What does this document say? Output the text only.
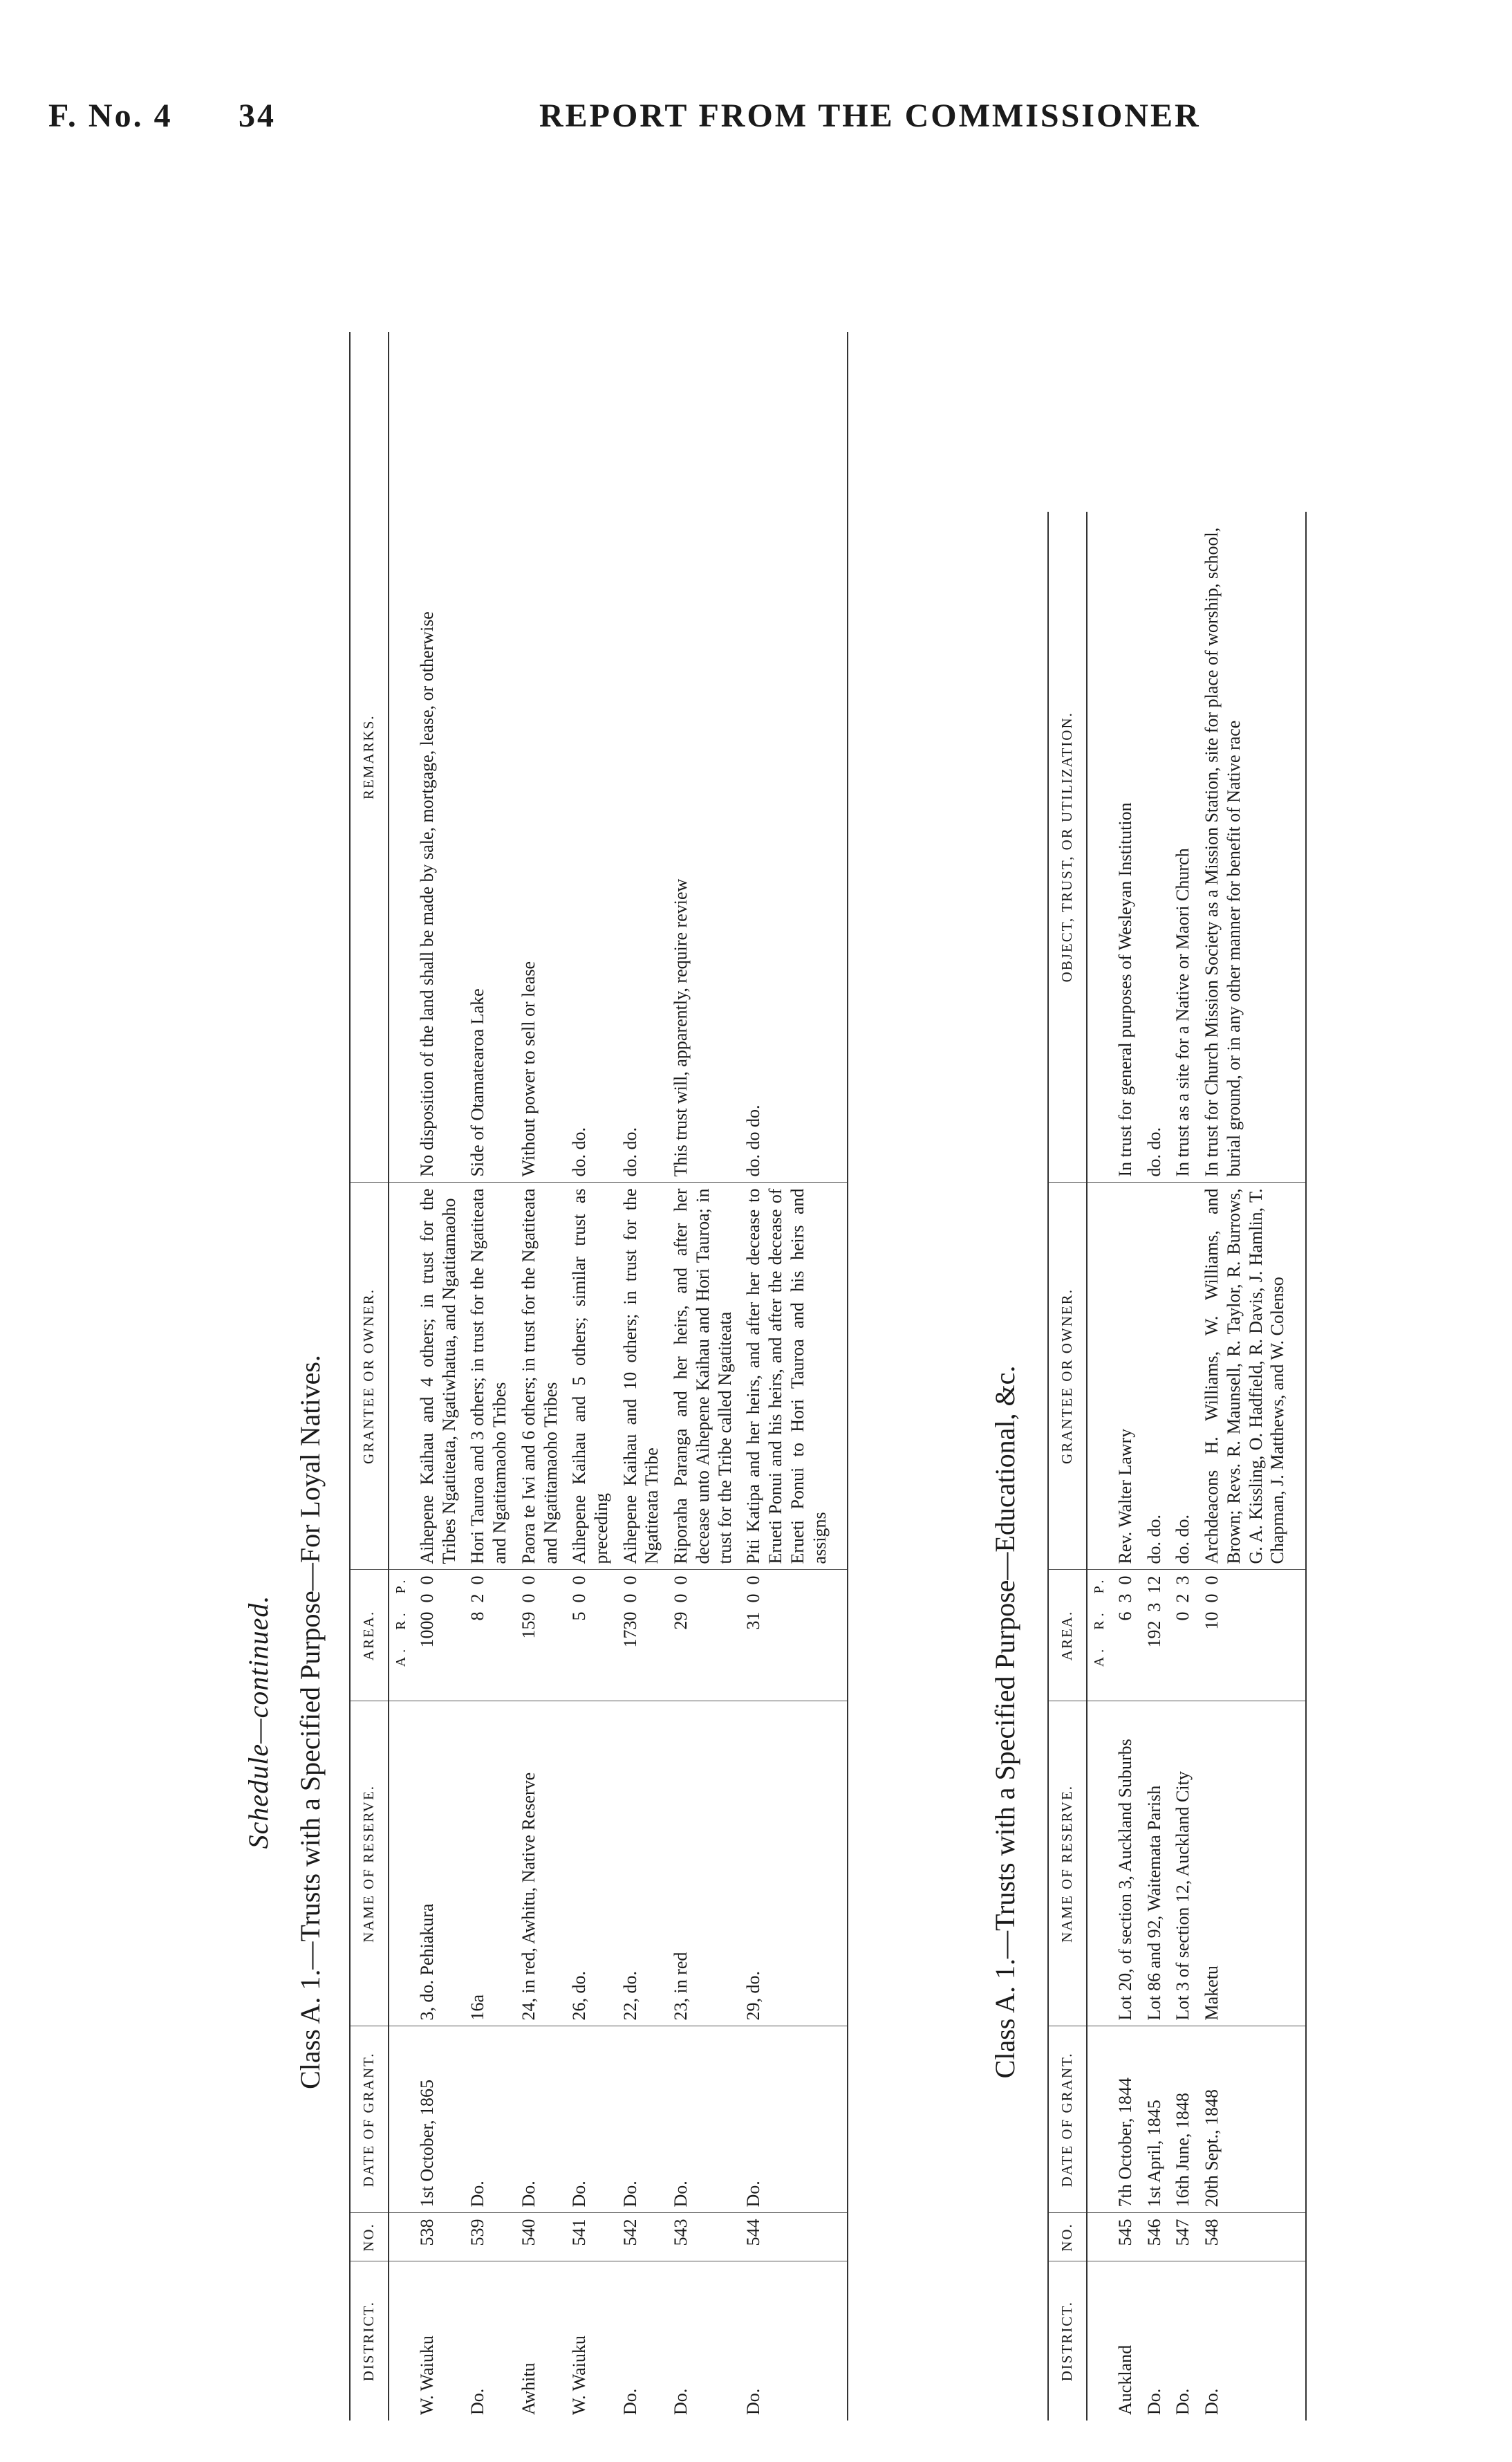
F. No. 4 34	REPORT FROM THE COMMISSIONER
Schedule—continued. Class A. 1.—Trusts with a Specified Purpose—For Loyal Natives.
DISTRICT.	NO.	DATE OF GRANT.	NAME OF RESERVE.	AREA.	GRANTEE OR OWNER.	REMARKS.
				A.  R.  P.		
W. Waiuku	538	1st October, 1865	3, do. Pehiakura	1000  0  0	Aihepene Kaihau and 4 others; in trust for the Tribes Ngatiteata, Ngatiwhatua, and Ngatitamaoho	No disposition of the land shall be made by sale, mortgage, lease, or otherwise
Do.	539	Do.	16a	8  2  0	Hori Tauroa and 3 others; in trust for the Ngatiteata and Ngatitamaoho Tribes	Side of Otamatearoa Lake
Awhitu	540	Do.	24, in red, Awhitu, Native Reserve	159  0  0	Paora te Iwi and 6 others; in trust for the Ngatiteata and Ngatitamaoho Tribes	Without power to sell or lease
W. Waiuku	541	Do.	26, do.	5  0  0	Aihepene Kaihau and 5 others; similar trust as preceding	do. do.
Do.	542	Do.	22, do.	1730  0  0	Aihepene Kaihau and 10 others; in trust for the Ngatiteata Tribe	do. do.
Do.	543	Do.	23, in red	29  0  0	Riporaha Paranga and her heirs, and after her decease unto Aihepene Kaihau and Hori Tauroa; in trust for the Tribe called Ngatiteata	This trust will, apparently, require review
Do.	544	Do.	29, do.	31  0  0	Piti Katipa and her heirs, and after her decease to Erueti Ponui and his heirs, and after the decease of Erueti Ponui to Hori Tauroa and his heirs and assigns	do. do do.
Class A. 1.—Trusts with a Specified Purpose—Educational, &c.
DISTRICT.	NO.	DATE OF GRANT.	NAME OF RESERVE.	AREA.	GRANTEE OR OWNER.	OBJECT, TRUST, OR UTILIZATION.
				A.  R.  P.		
Auckland	545	7th October, 1844	Lot 20, of section 3, Auckland Suburbs	6  3  0	Rev. Walter Lawry	In trust for general purposes of Wesleyan Institution
Do.	546	1st April, 1845	Lot 86 and 92, Waitemata Parish	192  3  12	do. do.	do. do.
Do.	547	16th June, 1848	Lot 3 of section 12, Auckland City	0  2  3	do. do.	In trust as a site for a Native or Maori Church
Do.	548	20th Sept., 1848	Maketu	10  0  0	Archdeacons H. Williams, W. Williams, and Brown; Revs. R. Maunsell, R. Taylor, R. Burrows, G. A. Kissling, O. Hadfield, R. Davis, J. Hamlin, T. Chapman, J. Matthews, and W. Colenso	In trust for Church Mission Society as a Mission Station, site for place of worship, school, burial ground, or in any other manner for benefit of Native race
